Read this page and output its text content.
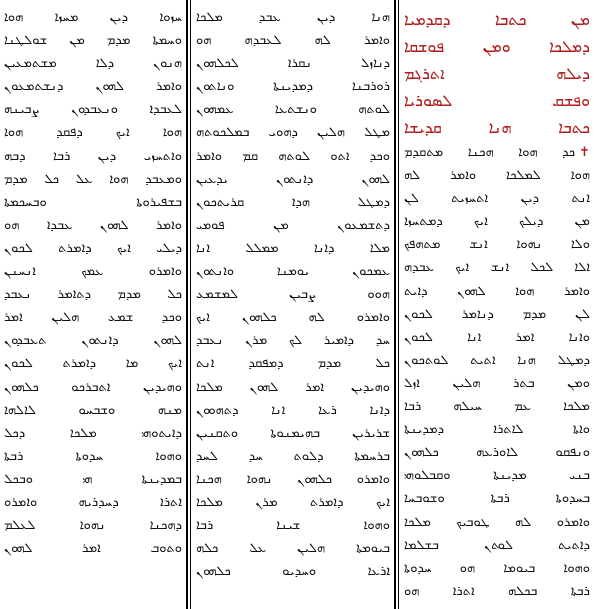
ܚܙܘܐ ܕܝܢ ܡܚܙܐ ܗܘܐ
ܘܚܡܬܐ ܡܕܡ ܡܢ ܫܘܠܛܢܐ
ܗܢܘܢ ܕܠܐ ܡܫܬܡܥܝܢ
ܘܐܡܪ ܠܗܘܢ ܕܢܫܬܡܥܘܢ
ܠܥܒܕܐ ܘܢܥܒܕܘܢ ܨܒܝܢܗ
ܗܘܐ ܐܝܟ ܕܦܩܕ ܗܘܐ
ܘܐܬܚܙܝ ܕܝܢ ܪܒܐ ܕܒܗ
ܘܡܥܒܕ ܗܘܐ ܥܠ ܟܠ ܡܕܡ
ܒܫܦܝܪܘܬܐ ܘܒܚܟܡܬܐ
ܘܐܡܪ ܠܗܘܢ ܥܒܕܐ ܗܘ
ܕܝܠܝ ܐܝܟ ܕܐܡܪܬ ܠܟܘܢ
ܘܐܡܪܘ ܥܡܟ ܐܢܚܢܢ
ܟܠ ܡܕܡ ܕܬܐܡܪ ܢܥܒܕ
ܘܟܕ ܫܡܥ ܗܠܝܢ ܐܡܪ
ܠܗܘܢ ܕܐܢܬܘܢ ܬܥܒܕܘܢ
ܐܝܟ ܡܐ ܕܐܡܪܬ ܠܟܘܢ
ܘܗܝܕܝܢ ܐܬܒܪܟܘ ܟܠܗܘܢ
ܡܢܗ ܘܫܒܚܘ ܠܐܠܗܐ
ܕܐܝܬܘܗܝ ܡܠܟܐ ܕܟܠ
ܘܗܘܐ ܚܕܘܬܐ ܪܒܬܐ
ܒܡܕܝܢܬܐ ܗܝ ܘܒܟܠ
ܐܬܪܐ ܕܚܕܪܝܗ ܘܐܡܪܘ
ܕܗܟܢܐ ܢܗܘܐ ܠܥܠܡ
ܘܬܘܒ ܐܡܪ ܠܗܘܢ
ܗܢܐ ܕܝܢ ܥܒܕ ܡܠܟܐ
ܘܐܡܪ ܠܗ ܠܥܒܕܗ ܗܘ
ܕܢܐܙܠ ܢܩܪܐ ܠܟܠܗܘܢ
ܪܘܪܒܢܐ ܕܡܕܝܢܬܐ ܘܢܐܬܘܢ
ܠܘܬܗ ܘܢܫܬܥܐ ܥܡܗܘܢ
ܡܛܠ ܗܠܝܢ ܕܗܘܝ ܒܡܠܟܘܬܗ
ܘܟܕ ܐܬܘ ܠܘܬܗ ܩܡ ܘܐܡܪ
ܠܗܘܢ ܕܐܢܬܘܢ ܝܕܥܝܢ
ܕܡܛܠ ܗܕܐ ܩܪܝܬܟܘܢ
ܕܬܫܡܥܘܢ ܡܢ ܦܘܡܝ
ܡܠܐ ܕܐܢܐ ܡܡܠܠ ܐܢܐ
ܥܡܟܘܢ ܝܘܡܢܐ ܘܐܢܬܘܢ
ܗܘܘ ܨܒܝܢ ܠܡܫܡܥ
ܘܐܡܪܘ ܠܗ ܟܠܗܘܢ ܐܝܟ
ܚܕ ܕܐܡܝܪ ܠܟ ܡܪܢ ܢܥܒܕ
ܟܠ ܡܕܡ ܕܡܦܩܕ ܐܢܬ
ܘܗܝܕܝܢ ܐܡܪ ܠܗܘܢ ܡܠܟܐ
ܕܐܢܐ ܪܥܐ ܐܢܐ ܕܬܗܘܘܢ
ܫܪܝܪܝܢ ܒܗܝܡܢܘܬܐ ܘܬܩܢܝܢ
ܒܪܚܡܬܐ ܕܠܘܬ ܚܕ ܠܚܕ
ܘܐܡܪܘ ܟܠܗܘܢ ܢܗܘܐ ܗܟܢܐ
ܐܝܟ ܕܐܡܪܬ ܡܪܢ ܡܠܟܐ
ܘܗܘܐ ܫܝܢܐ ܪܒܐ
ܒܝܘܡܬܐ ܗܠܝܢ ܥܠ ܟܠܗ
ܐܪܥܐ ܘܚܕܝܘ ܟܠܗܘܢ
ܡܢ ܟܬܒܐ ܕܩܕܡܝܐ
ܕܡܠܟܐ ܘܡܢ ܦܘܫܩܐ
ܕܝܠܗ ܐܬܪܓܡ
ܘܦܫܩ ܠܣܘܪܝܐ
ܟܬܒܐ ܗܢܐ ܩܕܝܫܐ
✝ܟܕ ܗܘܐ ܗܟܢܐ ܡܬܩܕܡ
ܗܘܐ ܠܡܠܟܐ ܘܐܡܪ ܠܗ
ܐܢܬ ܕܝܢ ܐܬܚܙܝܬ ܠܢ
ܡܢ ܕܝܠܟ ܐܝܟ ܕܡܬܚܙܐ
ܘܠܐ ܢܗܘܐ ܐܢܫ ܡܬܗܦܟ
ܐܠܐ ܠܟܠ ܐܢܫ ܐܝܟ ܥܒܕܗ
ܘܐܡܪ ܗܘܐ ܠܗܘܢ ܕܐܝܬ
ܠܢ ܡܕܡ ܕܢܐܡܪ ܠܟܘܢ
ܘܐܢܐ ܐܡܪ ܐܢܐ ܠܟܘܢ
ܕܡܛܠ ܗܢܐ ܐܬܝܬ ܠܘܬܟܘܢ
ܘܡܢ ܒܬܪ ܗܠܝܢ ܐܙܠ
ܡܠܟܐ ܥܡ ܚܝܠܗ ܪܒܐ
ܘܐܬܐ ܠܐܬܪܐ ܕܡܕܝܢܬܐ
ܘܢܦܩܘ ܠܐܘܪܥܗ ܟܠܗܘܢ
ܒܢܝ ܡܕܝܢܬܐ ܘܩܒܠܘܗܝ
ܒܚܕܘܬܐ ܪܒܬܐ ܘܫܘܒܚܐ
ܘܐܡܪܘ ܠܗ ܛܘܒܝܟ ܡܠܟܐ
ܕܐܬܝܬ ܠܘܬܢ ܒܫܠܡܐ
ܘܗܘܐ ܒܝܘܡܐ ܗܘ ܚܕܘܬܐ
ܪܒܬܐ ܒܟܠܗ ܐܬܪܐ ܗܘ
